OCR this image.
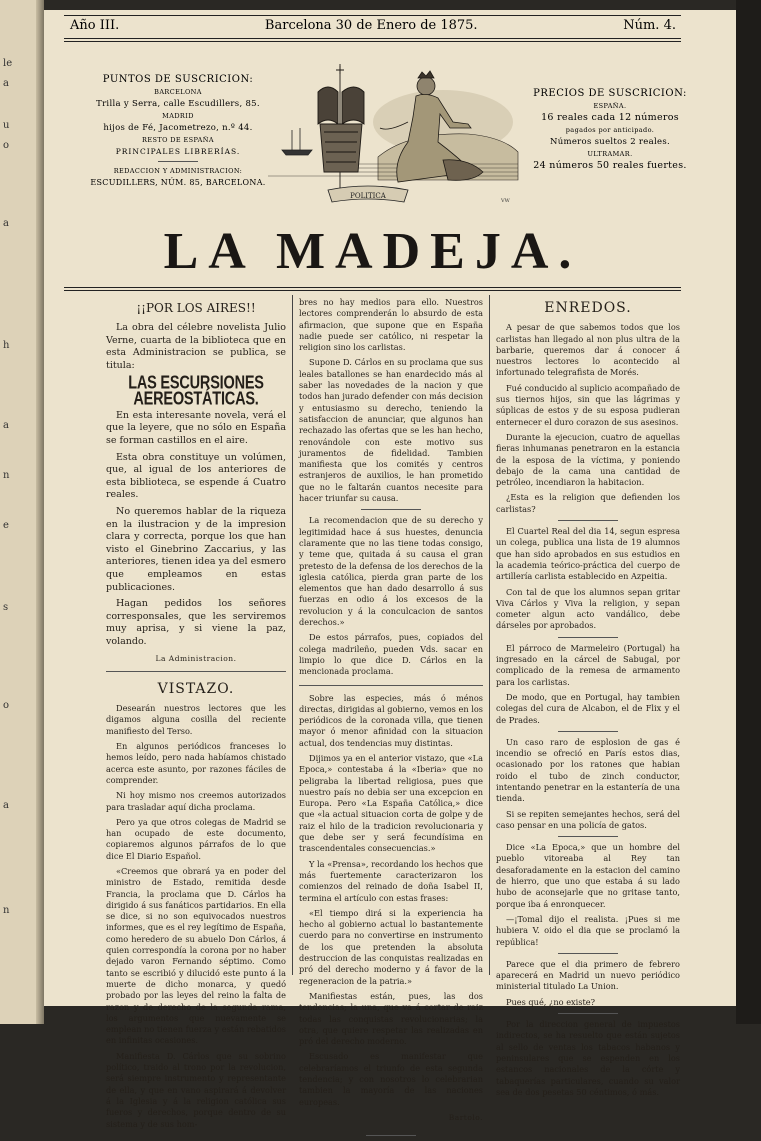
le
a
u
o
a
h
a
n
e
s
o
a
n
Año III.	Barcelona 30 de Enero de 1875.	Núm. 4.
PUNTOS DE SUSCRICION:
BARCELONA
Trilla y Serra, calle Escudillers, 85.
MADRID
hijos de Fé, Jacometrezo, n.º 44.
RESTO DE ESPAÑA
PRINCIPALES LIBRERÍAS.
REDACCION Y ADMINISTRACION:
ESCUDILLERS, NÚM. 85, BARCELONA.
POLITICA
VW
PRECIOS DE SUSCRICION:
ESPAÑA.
16 reales cada 12 números
pagados por anticipado.
Números sueltos 2 reales.
ULTRAMAR.
24 números 50 reales fuertes.
LA MADEJA.
¡¡POR LOS AIRES!!

La obra del célebre novelista Julio Verne, cuarta de la biblioteca que en esta Administracion se publica, se titula:

LAS ESCURSIONES AEREOSTÁTICAS.

En esta interesante novela, verá el que la leyere, que no sólo en España se forman castillos en el aire.

Esta obra constituye un volúmen, que, al igual de los anteriores de esta biblioteca, se espende á Cuatro reales.

No queremos hablar de la riqueza en la ilustracion y de la impresion clara y correcta, porque los que han visto el Ginebrino Zaccarius, y las anteriores, tienen idea ya del esmero que empleamos en estas publicaciones.

Hagan pedidos los señores corresponsales, que les serviremos muy aprisa, y si viene la paz, volando.

La Administracion.
VISTAZO.

Desearán nuestros lectores que les digamos alguna cosilla del reciente manifiesto del Terso.

En algunos periódicos franceses lo hemos leído, pero nada habíamos chistado acerca este asunto, por razones fáciles de comprender.

Ni hoy mismo nos creemos autorizados para trasladar aquí dicha proclama.

Pero ya que otros colegas de Madrid se han ocupado de este documento, copiaremos algunos párrafos de lo que dice El Diario Español.

«Creemos que obrará ya en poder del ministro de Estado, remitida desde Francia, la proclama que D. Cárlos ha dirigido á sus fanáticos partidarios. En ella se dice, si no son equivocados nuestros informes, que es el rey legítimo de España, como heredero de su abuelo Don Cárlos, á quien correspondía la corona por no haber dejado varon Fernando séptimo. Como tanto se escribió y dilucidó este punto á la muerte de dicho monarca, y quedó probado por las leyes del reino la falta de razon y de derecho de la segunda rama, los argumentos que nuevamente se emplean no tienen fuerza y están rebatidos en infinitas ocasiones.

Manifiesta D. Cárlos que su sobrino político, traido al trono por la revolucion, será siempre instrumento y representante de ella, y que en vano aspirará á devolver á la Iglesia y á la religion católica sus fueros y derechos, porque dentro de su sistema y de sus hom-

bres no hay medios para ello. Nuestros lectores comprenderán lo absurdo de esta afirmacion, que supone que en España nadie puede ser católico, ni respetar la religion sino los carlistas.

Supone D. Cárlos en su proclama que sus leales batallones se han enardecido más al saber las novedades de la nacion y que todos han jurado defender con más decision y entusiasmo su derecho, teniendo la satisfaccion de anunciar, que algunos han rechazado las ofertas que se les han hecho, renovándole con este motivo sus juramentos de fidelidad. Tambien manifiesta que los comités y centros estranjeros de auxilios, le han prometido que no le faltarán cuantos necesite para hacer triunfar su causa.

La recomendacion que de su derecho y legitimidad hace á sus huestes, denuncia claramente que no las tiene todas consigo, y teme que, quitada á su causa el gran pretesto de la defensa de los derechos de la iglesia católica, pierda gran parte de los elementos que han dado desarrollo á sus fuerzas en odio á los excesos de la revolucion y á la conculcacion de santos derechos.»

De estos párrafos, pues, copiados del colega madrileño, pueden Vds. sacar en limpio lo que dice D. Cárlos en la mencionada proclama.

Sobre las especies, más ó ménos directas, dirigidas al gobierno, vemos en los periódicos de la coronada villa, que tienen mayor ó menor afinidad con la situacion actual, dos tendencias muy distintas.

Dijimos ya en el anterior vistazo, que «La Epoca,» contestaba á la «Iberia» que no peligraba la libertad religiosa, pues que nuestro país no debia ser una excepcion en Europa. Pero «La España Católica,» dice que «la actual situacion corta de golpe y de raiz el hilo de la tradicion revolucionaria y que debe ser y será fecundísima en trascendentales consecuencias.»

Y la «Prensa», recordando los hechos que más fuertemente caracterizaron los comienzos del reinado de doña Isabel II, termina el artículo con estas frases:

«El tiempo dirá si la experiencia ha hecho al gobierno actual lo bastantemente cuerdo para no convertirse en instrumento de los que pretenden la absoluta destruccion de las conquistas realizadas en pró del derecho moderno y á favor de la regeneracion de la patria.»

Manifiestas están, pues, las dos tendencias; la una, que va á cortar de raiz todas las conquistas revolucionarias; la otra, que quiere respetar las realizadas en pró del derecho moderno.

Escusado es manifestar que celebraríamos el triunfo de esta segunda tendencia; y con nosotros lo celebrarian tambien la mayoría de las naciones europeas.

Bartolo.
ENREDOS.

A pesar de que sabemos todos que los carlistas han llegado al non plus ultra de la barbarie, queremos dar á conocer á nuestros lectores lo acontecido al infortunado telegrafista de Morés.

Fué conducido al suplicio acompañado de sus tiernos hijos, sin que las lágrimas y súplicas de estos y de su esposa pudieran enternecer el duro corazon de sus asesinos.

Durante la ejecucion, cuatro de aquellas fieras inhumanas penetraron en la estancia de la esposa de la víctima, y poniendo debajo de la cama una cantidad de petróleo, incendiaron la habitacion.

¿Esta es la religion que defienden los carlistas?

El Cuartel Real del dia 14, segun espresa un colega, publica una lista de 19 alumnos que han sido aprobados en sus estudios en la academia teórico-práctica del cuerpo de artillería carlista establecido en Azpeitia.

Con tal de que los alumnos sepan gritar Viva Cárlos y Viva la religion, y sepan cometer algun acto vandálico, debe dárseles por aprobados.

El párroco de Marmeleiro (Portugal) ha ingresado en la cárcel de Sabugal, por complicado de la remesa de armamento para los carlistas.

De modo, que en Portugal, hay tambien colegas del cura de Alcabon, el de Flix y el de Prades.

Un caso raro de esplosion de gas é incendio se ofreció en París estos dias, ocasionado por los ratones que habian roido el tubo de zinch conductor, intentando penetrar en la estantería de una tienda.

Si se repiten semejantes hechos, será del caso pensar en una policía de gatos.

Dice «La Epoca,» que un hombre del pueblo vitoreaba al Rey tan desaforadamente en la estacion del camino de hierro, que uno que estaba á su lado hubo de aconsejarle que no gritase tanto, porque iba á enronquecer.

—¡Tomal dijo el realista. ¡Pues si me hubiera V. oido el dia que se proclamó la república!

Parece que el dia primero de febrero aparecerá en Madrid un nuevo periódico ministerial titulado La Union.

Pues qué, ¿no existe?

Por la direccion general de impuestos indirectos, se ha resuelto que están sujetos al sello de ventas los tabacos habanos y peninsulares que se espenden en los estancos nacionales de la córte y tabaquerías particulares, cuando su valor sea de dos pesetas 50 céntimos, ó más.
